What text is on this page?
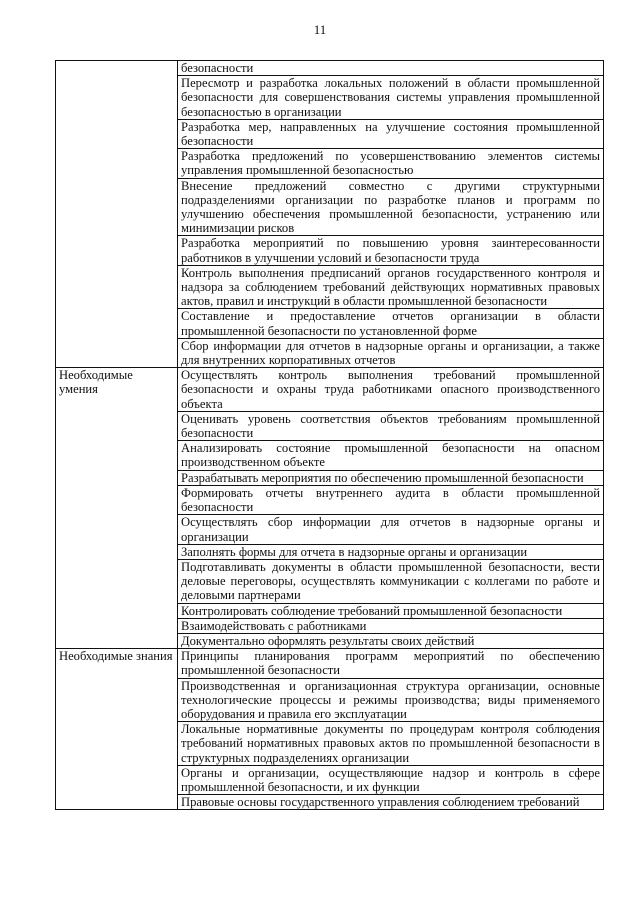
11
	безопасности
	Пересмотр и разработка локальных положений в области промышленной безопасности для совершенствования системы управления промышленной безопасностью в организации
	Разработка мер, направленных на улучшение состояния промышленной безопасности
	Разработка предложений по усовершенствованию элементов системы управления промышленной безопасностью
	Внесение предложений совместно с другими структурными подразделениями организации по разработке планов и программ по улучшению обеспечения промышленной безопасности, устранению или минимизации рисков
	Разработка мероприятий по повышению уровня заинтересованности работников в улучшении условий и безопасности труда
	Контроль выполнения предписаний органов государственного контроля и надзора за соблюдением требований действующих нормативных правовых актов, правил и инструкций в области промышленной безопасности
	Составление и предоставление отчетов организации в области промышленной безопасности по установленной форме
	Сбор информации для отчетов в надзорные органы и организации, а также для внутренних корпоративных отчетов
Необходимые умения	Осуществлять контроль выполнения требований промышленной безопасности и охраны труда работниками опасного производственного объекта
	Оценивать уровень соответствия объектов требованиям промышленной безопасности
	Анализировать состояние промышленной безопасности на опасном производственном объекте
	Разрабатывать мероприятия по обеспечению промышленной безопасности
	Формировать отчеты внутреннего аудита в области промышленной безопасности
	Осуществлять сбор информации для отчетов в надзорные органы и организации
	Заполнять формы для отчета в надзорные органы и организации
	Подготавливать документы в области промышленной безопасности, вести деловые переговоры, осуществлять коммуникации с коллегами по работе и деловыми партнерами
	Контролировать соблюдение требований промышленной безопасности
	Взаимодействовать с работниками
	Документально оформлять результаты своих действий
Необходимые знания	Принципы планирования программ мероприятий по обеспечению промышленной безопасности
	Производственная и организационная структура организации, основные технологические процессы и режимы производства; виды применяемого оборудования и правила его эксплуатации
	Локальные нормативные документы по процедурам контроля соблюдения требований нормативных правовых актов по промышленной безопасности в структурных подразделениях организации
	Органы и организации, осуществляющие надзор и контроль в сфере промышленной безопасности, и их функции
	Правовые основы государственного управления соблюдением требований
